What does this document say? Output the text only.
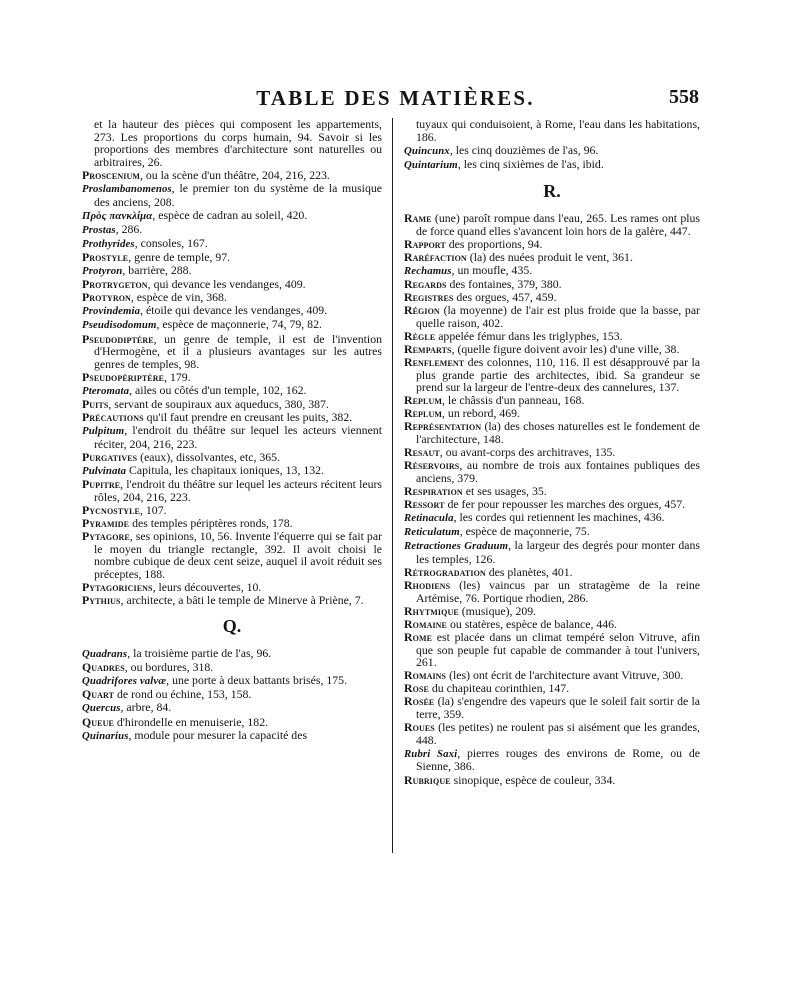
TABLE DES MATIÈRES.	558
et la hauteur des pièces qui composent les appartements, 273. Les proportions du corps humain, 94. Savoir si les proportions des membres d'architecture sont naturelles ou arbitraires, 26.
Proscenium, ou la scène d'un théâtre, 204, 216, 223.
Proslambanomenos, le premier ton du système de la musique des anciens, 208.
Πρὸς πανκλίμα, espèce de cadran au soleil, 420.
Prostas, 286.
Prothyrides, consoles, 167.
Prostyle, genre de temple, 97.
Protyron, barrière, 288.
Protrygeton, qui devance les vendanges, 409.
Protyron, espèce de vin, 368.
Provindemia, étoile qui devance les vendanges, 409.
Pseudisodomum, espèce de maçonnerie, 74, 79, 82.
Pseudodiptère, un genre de temple, il est de l'invention d'Hermogène, et il a plusieurs avantages sur les autres genres de temples, 98.
Pseudopériptère, 179.
Pteromata, ailes ou côtés d'un temple, 102, 162.
Puits, servant de soupiraux aux aqueducs, 380, 387.
Précautions qu'il faut prendre en creusant les puits, 382.
Pulpitum, l'endroit du théâtre sur lequel les acteurs viennent réciter, 204, 216, 223.
Purgatives (eaux), dissolvantes, etc, 365.
Pulvinata Capitula, les chapitaux ioniques, 13, 132.
Pupitre, l'endroit du théâtre sur lequel les acteurs récitent leurs rôles, 204, 216, 223.
Pycnostyle, 107.
Pyramide des temples périptères ronds, 178.
Pytagore, ses opinions, 10, 56. Invente l'équerre qui se fait par le moyen du triangle rectangle, 392. Il avoit choisi le nombre cubique de deux cent seize, auquel il avoit réduit ses préceptes, 188.
Pytagoriciens, leurs découvertes, 10.
Pythius, architecte, a bâti le temple de Minerve à Priène, 7.
Q.
Quadrans, la troisième partie de l'as, 96.
Quadres, ou bordures, 318.
Quadrifores valvæ, une porte à deux battants brisés, 175.
Quart de rond ou échine, 153, 158.
Quercus, arbre, 84.
Queue d'hirondelle en menuiserie, 182.
Quinarius, module pour mesurer la capacité des
tuyaux qui conduisoient, à Rome, l'eau dans les habitations, 186.
Quincunx, les cinq douzièmes de l'as, 96.
Quintarium, les cinq sixièmes de l'as, ibid.
R.
Rame (une) paroît rompue dans l'eau, 265. Les rames ont plus de force quand elles s'avancent loin hors de la galère, 447.
Rapport des proportions, 94.
Raréfaction (la) des nuées produit le vent, 361.
Rechamus, un moufle, 435.
Regards des fontaines, 379, 380.
Registres des orgues, 457, 459.
Région (la moyenne) de l'air est plus froide que la basse, par quelle raison, 402.
Règle appelée fémur dans les triglyphes, 153.
Remparts, (quelle figure doivent avoir les) d'une ville, 38.
Renflement des colonnes, 110, 116. Il est désapprouvé par la plus grande partie des architectes, ibid. Sa grandeur se prend sur la largeur de l'entre-deux des cannelures, 137.
Replum, le châssis d'un panneau, 168.
Replum, un rebord, 469.
Représentation (la) des choses naturelles est le fondement de l'architecture, 148.
Resaut, ou avant-corps des architraves, 135.
Réservoirs, au nombre de trois aux fontaines publiques des anciens, 379.
Respiration et ses usages, 35.
Ressort de fer pour repousser les marches des orgues, 457.
Retinacula, les cordes qui retiennent les machines, 436.
Reticulatum, espèce de maçonnerie, 75.
Retractiones Graduum, la largeur des degrés pour monter dans les temples, 126.
Rétrogradation des planètes, 401.
Rhodiens (les) vaincus par un stratagème de la reine Artémise, 76. Portique rhodien, 286.
Rhytmique (musique), 209.
Romaine ou statères, espèce de balance, 446.
Rome est placée dans un climat tempéré selon Vitruve, afin que son peuple fut capable de commander à tout l'univers, 261.
Romains (les) ont écrit de l'architecture avant Vitruve, 300.
Rose du chapiteau corinthien, 147.
Rosée (la) s'engendre des vapeurs que le soleil fait sortir de la terre, 359.
Roues (les petites) ne roulent pas si aisément que les grandes, 448.
Rubri Saxi, pierres rouges des environs de Rome, ou de Sienne, 386.
Rubrique sinopique, espèce de couleur, 334.
